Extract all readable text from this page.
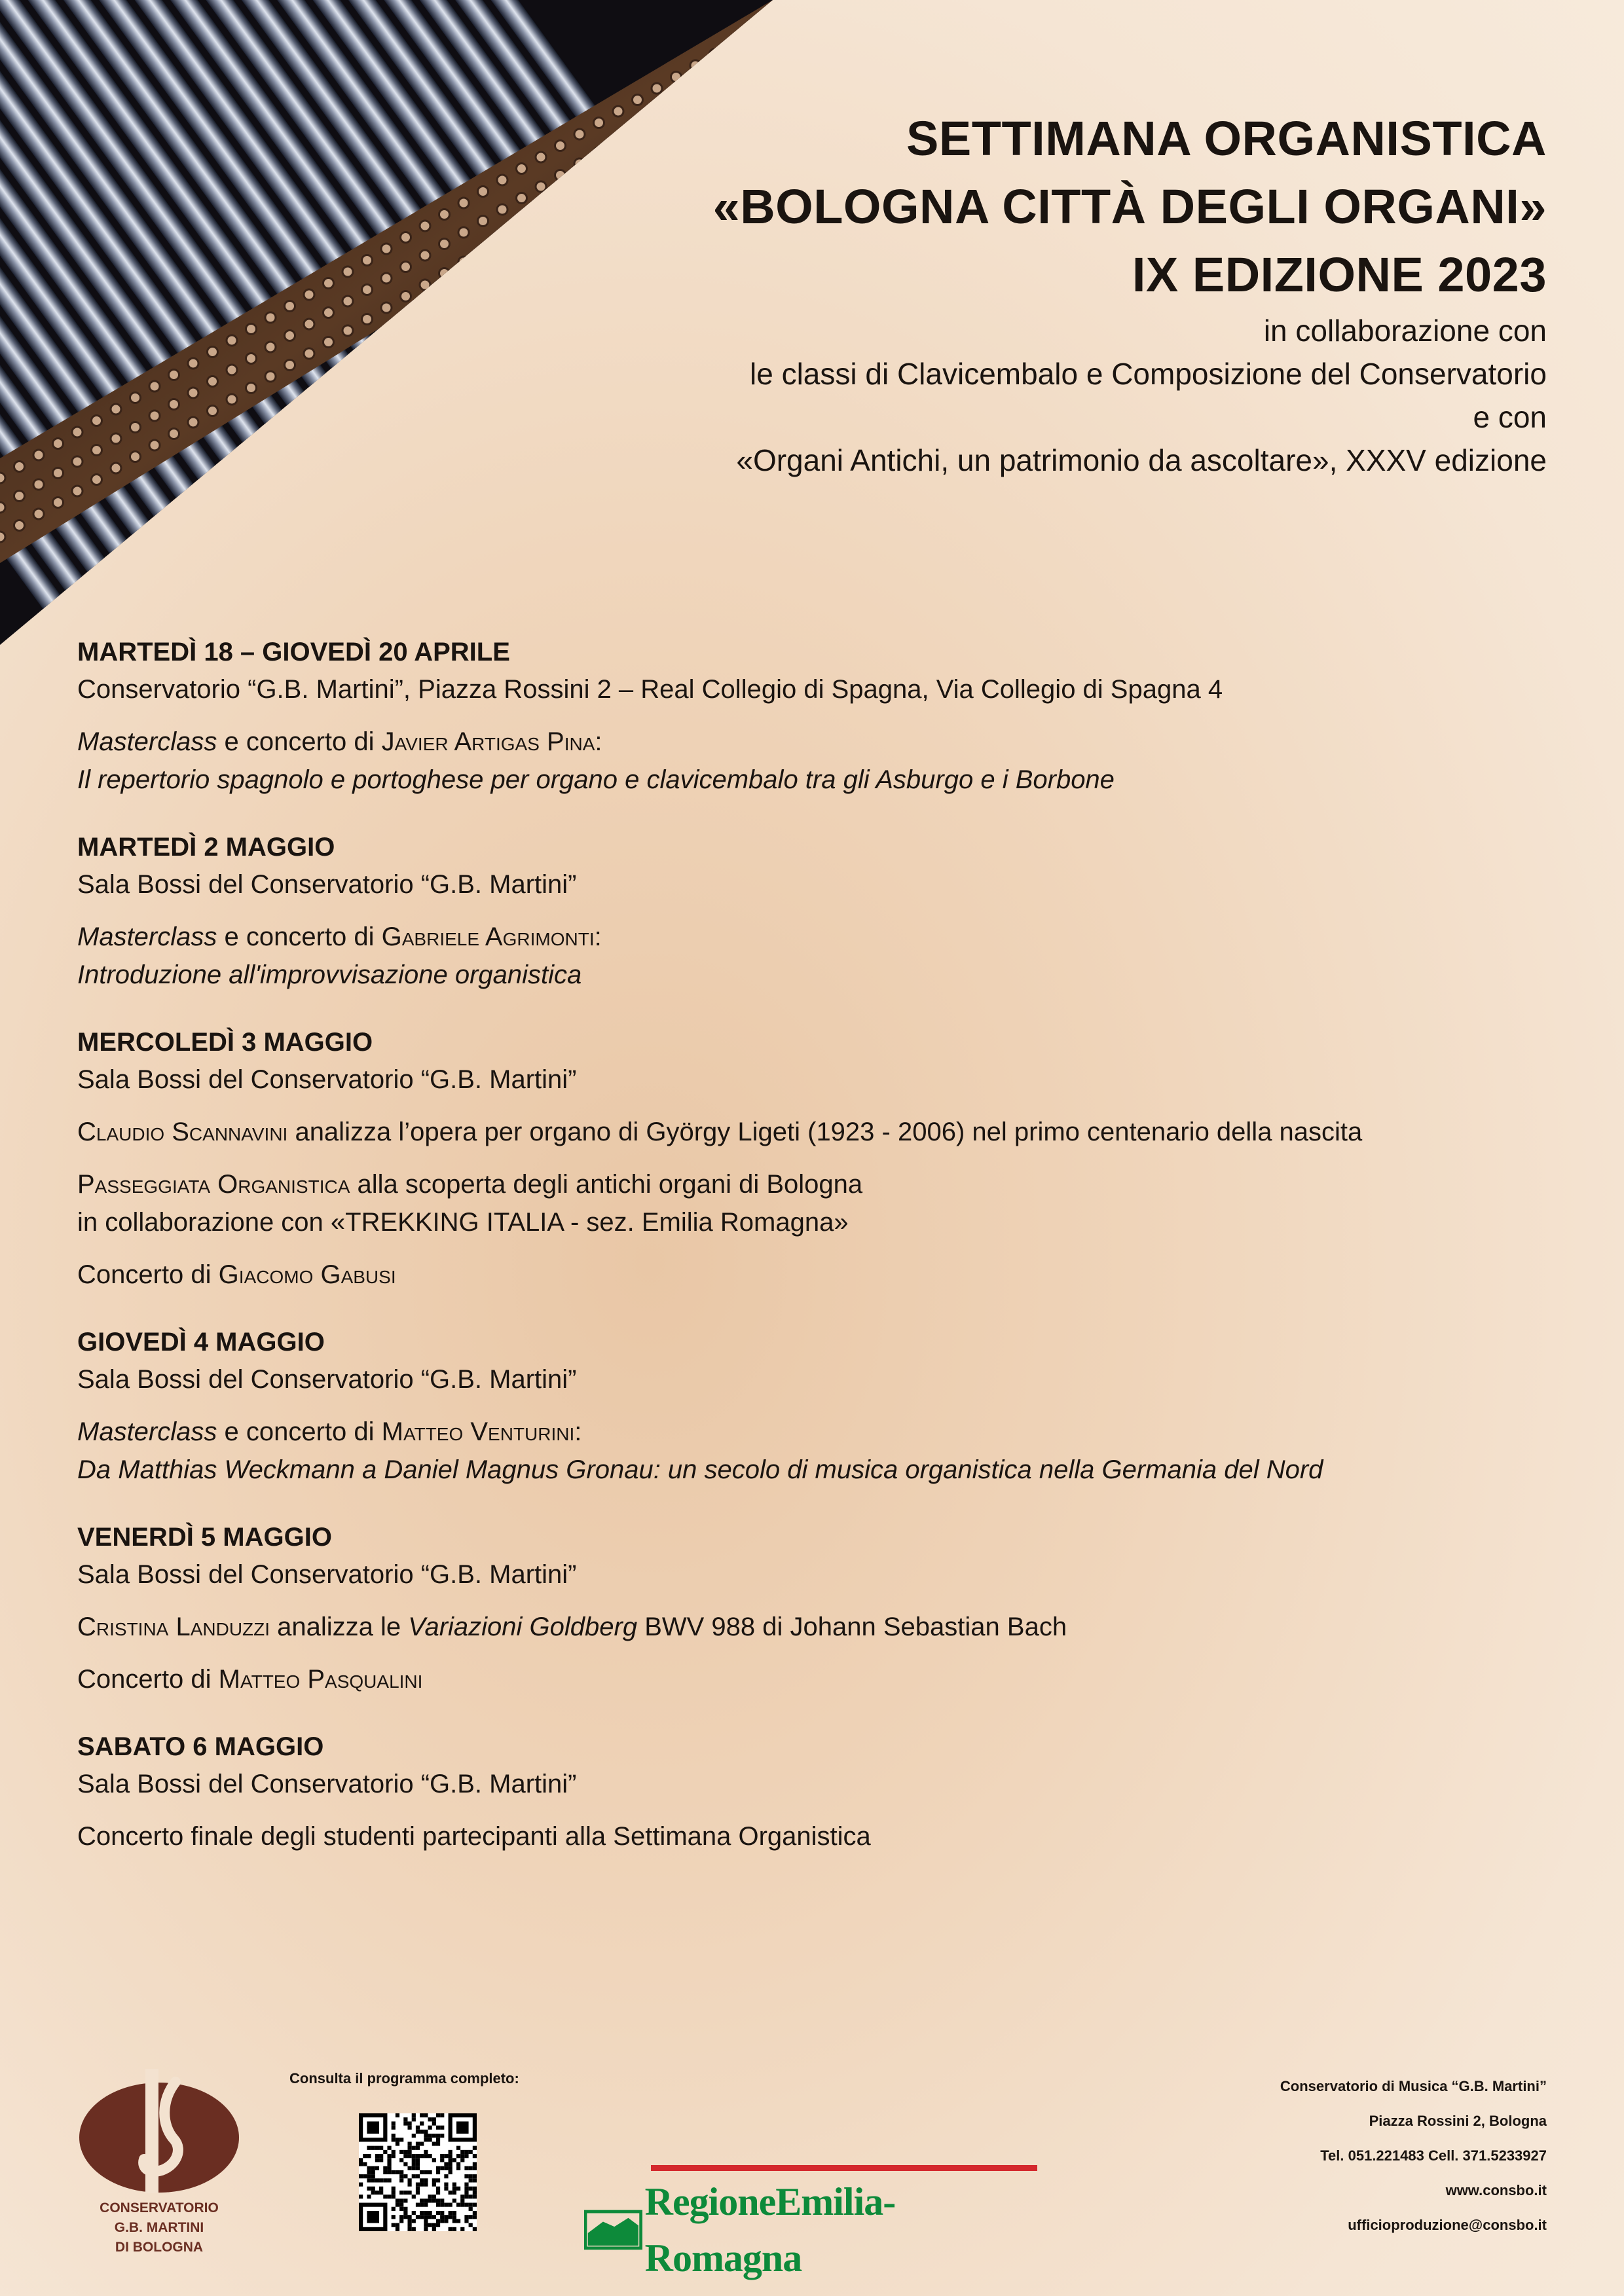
SETTIMANA ORGANISTICA
«BOLOGNA CITTÀ DEGLI ORGANI»
IX EDIZIONE 2023
in collaborazione con
le classi di Clavicembalo e Composizione del Conservatorio
e con
«Organi Antichi, un patrimonio da ascoltare», XXXV edizione
MARTEDÌ 18 – GIOVEDÌ 20 APRILE
Conservatorio “G.B. Martini”, Piazza Rossini 2 – Real Collegio di Spagna, Via Collegio di Spagna 4
Masterclass e concerto di Javier Artigas Pina:
Il repertorio spagnolo e portoghese per organo e clavicembalo tra gli Asburgo e i Borbone
MARTEDÌ 2 MAGGIO
Sala Bossi del Conservatorio “G.B. Martini”
Masterclass e concerto di Gabriele Agrimonti:
Introduzione all'improvvisazione organistica
MERCOLEDÌ 3 MAGGIO
Sala Bossi del Conservatorio “G.B. Martini”
Claudio Scannavini analizza l’opera per organo di György Ligeti (1923 - 2006) nel primo centenario della nascita
Passeggiata Organistica alla scoperta degli antichi organi di Bologna
in collaborazione con «TREKKING ITALIA - sez. Emilia Romagna»
Concerto di Giacomo Gabusi
GIOVEDÌ 4 MAGGIO
Sala Bossi del Conservatorio “G.B. Martini”
Masterclass e concerto di Matteo Venturini:
Da Matthias Weckmann a Daniel Magnus Gronau: un secolo di musica organistica nella Germania del Nord
VENERDÌ 5 MAGGIO
Sala Bossi del Conservatorio “G.B. Martini”
Cristina Landuzzi analizza le Variazioni Goldberg BWV 988 di Johann Sebastian Bach
Concerto di Matteo Pasqualini
SABATO 6 MAGGIO
Sala Bossi del Conservatorio “G.B. Martini”
Concerto finale degli studenti partecipanti alla Settimana Organistica
CONSERVATORIO
G.B. MARTINI
DI BOLOGNA
Consulta il programma completo:
RegioneEmilia-Romagna
Conservatorio di Musica “G.B. Martini”
Piazza Rossini 2, Bologna
Tel. 051.221483 Cell. 371.5233927
www.consbo.it
ufficioproduzione@consbo.it
